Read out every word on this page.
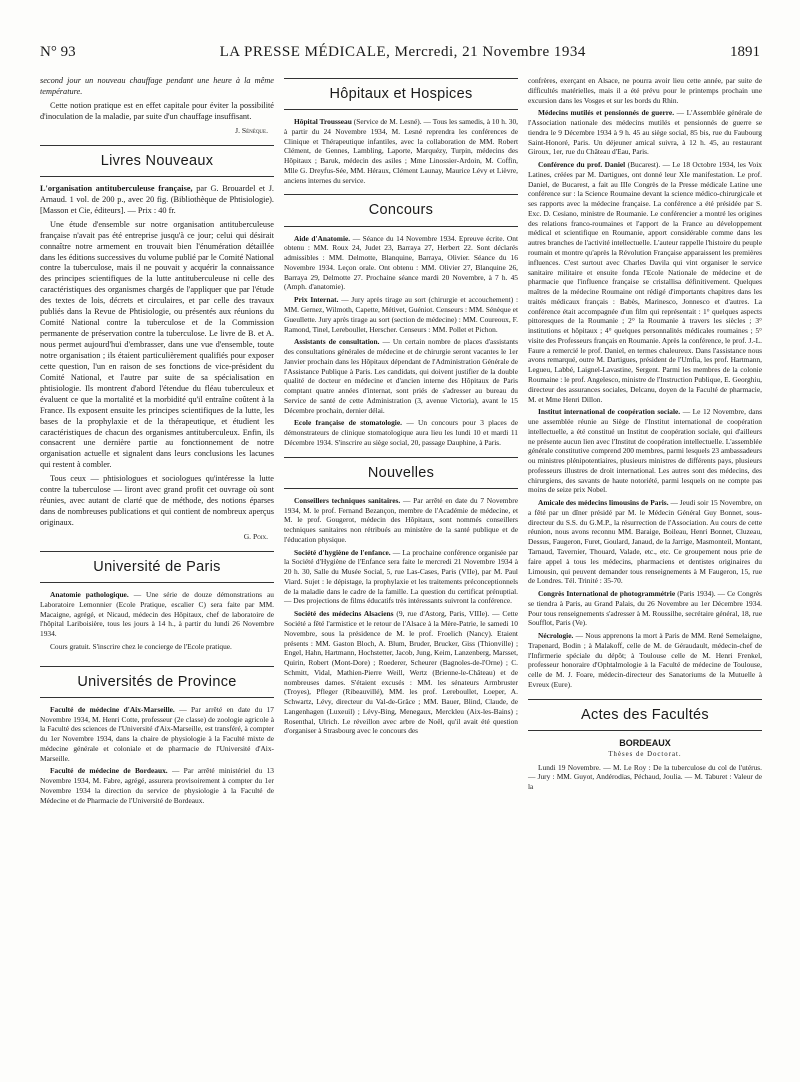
N° 93	LA PRESSE MÉDICALE, Mercredi, 21 Novembre 1934	1891

second jour un nouveau chauffage pendant une heure à la même température.

Cette notion pratique est en effet capitale pour éviter la possibilité d'inoculation de la maladie, par suite d'un chauffage insuffisant.

J. Sénèque.
Livres Nouveaux

L'organisation antituberculeuse française, par G. Brouardel et J. Arnaud. 1 vol. de 200 p., avec 20 fig. (Bibliothèque de Phtisiologie). [Masson et Cie, éditeurs]. — Prix : 40 fr.

Une étude d'ensemble sur notre organisation antituberculeuse française n'avait pas été entreprise jusqu'à ce jour; celui qui désirait connaître notre armement en trouvait bien l'énumération détaillée dans les éditions successives du volume publié par le Comité National contre la tuberculose, mais il ne pouvait y acquérir la connaissance des principes scientifiques de la lutte antituberculeuse ni celle des caractéristiques des organismes chargés de l'appliquer que par l'étude des textes de lois, décrets et circulaires, et par celle des travaux publiés dans la Revue de Phtisiologie, ou présentés aux réunions du Comité National contre la tuberculose et de la Commission permanente de préservation contre la tuberculose. Le livre de B. et A. nous permet aujourd'hui d'embrasser, dans une vue d'ensemble, toute notre organisation ; ils étaient particulièrement qualifiés pour exposer cette question, l'un en raison de ses fonctions de vice-président du Comité National, et l'autre par suite de sa spécialisation en phtisiologie. Ils montrent d'abord l'étendue du fléau tuberculeux et évaluent ce que la mortalité et la morbidité qu'il entraîne coûtent à la France. Ils exposent ensuite les principes scientifiques de la lutte, les bases de la prophylaxie et de la thérapeutique, et étudient les caractéristiques de chacun des organismes antituberculeux. Enfin, ils consacrent une dernière partie au fonctionnement de notre organisation actuelle et signalent dans leurs conclusions les lacunes qui restent à combler.

Tous ceux — phtisiologues et sociologues qu'intéresse la lutte contre la tuberculose — liront avec grand profit cet ouvrage où sont réunies, avec autant de clarté que de méthode, des notions éparses dans de nombreuses publications et qui contient de nombreux aperçus originaux.

G. Poix.
Université de Paris

Anatomie pathologique. — Une série de douze démonstrations au Laboratoire Lemonnier (Ecole Pratique, escalier C) sera faite par MM. Macaigne, agrégé, et Nicaud, médecin des Hôpitaux, chef de laboratoire de l'hôpital Lariboisière, tous les jours à 14 h., à partir du lundi 26 Novembre 1934.

Cours gratuit. S'inscrire chez le concierge de l'Ecole pratique.

Universités de Province

Faculté de médecine d'Aix-Marseille. — Par arrêté en date du 17 Novembre 1934, M. Henri Cotte, professeur (2e classe) de zoologie agricole à la Faculté des sciences de l'Université d'Aix-Marseille, est transféré, à compter du 1er Novembre 1934, dans la chaire de physiologie à la Faculté mixte de médecine générale et coloniale et de pharmacie de l'Université d'Aix-Marseille.

Faculté de médecine de Bordeaux. — Par arrêté ministériel du 13 Novembre 1934, M. Fabre, agrégé, assurera provisoirement à compter du 1er Novembre 1934 la direction du service de physiologie à la Faculté de Médecine et de Pharmacie de l'Université de Bordeaux.

Hôpitaux et Hospices

Hôpital Trousseau (Service de M. Lesné). — Tous les samedis, à 10 h. 30, à partir du 24 Novembre 1934, M. Lesné reprendra les conférences de Clinique et Thérapeutique infantiles, avec la collaboration de MM. Robert Clément, de Gennes, Lambling, Laporte, Marquézy, Turpin, médecins des Hôpitaux ; Baruk, médecin des asiles ; Mme Linossier-Ardoin, M. Coffin, Mlle G. Dreyfus-Sée, MM. Hérauх, Clément Launay, Maurice Lévy et Lièvre, anciens internes du service.

Concours

Aide d'Anatomie. — Séance du 14 Novembre 1934. Epreuve écrite. Ont obtenu : MM. Roux 24, Judet 23, Barraya 27, Herbert 22. Sont déclarés admissibles : MM. Delmotte, Blanquine, Barraya, Olivier. Séance du 16 Novembre 1934. Leçon orale. Ont obtenu : MM. Olivier 27, Blanquine 26, Barraya 29, Delmotte 27. Prochaine séance mardi 20 Novembre, à 7 h. 45 (Amph. d'anatomie).

Prix Internat. — Jury après tirage au sort (chirurgie et accouchement) : MM. Gernez, Wilmoth, Capette, Métivet, Guéniot. Censeurs : MM. Sénèque et Gueullette. Jury après tirage au sort (section de médecine) : MM. Coureoux, F. Ramond, Tinel, Lereboullet, Herscher. Censeurs : MM. Pollet et Pichon.

Assistants de consultation. — Un certain nombre de places d'assistants des consultations générales de médecine et de chirurgie seront vacantes le 1er Janvier prochain dans les Hôpitaux dépendant de l'Administration Générale de l'Assistance Publique à Paris. Les candidats, qui doivent justifier de la double qualité de docteur en médecine et d'ancien interne des Hôpitaux de Paris comptant quatre années d'internat, sont priés de s'adresser au bureau du Service de santé de cette Administration (3, avenue Victoria), avant le 15 Décembre prochain, dernier délai.

Ecole française de stomatologie. — Un concours pour 3 places de démonstrateurs de clinique stomatologique aura lieu les lundi 10 et mardi 11 Décembre 1934. S'inscrire au siège social, 20, passage Dauphine, à Paris.

Nouvelles

Conseillers techniques sanitaires. — Par arrêté en date du 7 Novembre 1934, M. le prof. Fernand Bezançon, membre de l'Académie de médecine, et M. le prof. Gougerot, médecin des Hôpitaux, sont nommés conseillers techniques sanitaires non rétribués au ministère de la santé publique et de l'éducation physique.

Société d'hygiène de l'enfance. — La prochaine conférence organisée par la Société d'Hygiène de l'Enfance sera faite le mercredi 21 Novembre 1934 à 20 h. 30, Salle du Musée Social, 5, rue Las-Cases, Paris (VIIe), par M. Paul Viard. Sujet : le dépistage, la prophylaxie et les traitements préconceptionnels de la maladie dans le cadre de la famille. La question du certificat prénuptial. — Des projections de films éducatifs très intéressants suivront la conférence.

Société des médecins Alsaciens (9, rue d'Astorg, Paris, VIIIe). — Cette Société a fêté l'armistice et le retour de l'Alsace à la Mère-Patrie, le samedi 10 Novembre, sous la présidence de M. le prof. Froelich (Nancy). Etaient présents : MM. Gaston Bloch, A. Blum, Bruder, Brucker, Giss (Thionville) ; Engel, Hahn, Hartmann, Hochstetter, Jacob, Jung, Keim, Lanzenberg, Marsset, Quirin, Robert (Mont-Dore) ; Roederer, Scheurer (Bagnoles-de-l'Orne) ; C. Schmitt, Vidal, Mathien-Pierre Weill, Wertz (Brienne-le-Château) et de nombreuses dames. S'étaient excusés : MM. les sénateurs Armbruster (Troyes), Pfleger (Ribeauvillé), MM. les prof. Lereboullet, Loeper, A. Schwartz, Lévy, directeur du Val-de-Grâce ; MM. Bauer, Blind, Claude, de Langenhagen (Luxeuil) ; Lévy-Bing, Menegaux, Merckleu (Aix-les-Bains) ; Rosenthal, Ulrich. Le réveillon avec arbre de Noël, qu'il avait été question d'organiser à Strasbourg avec le concours des

confrères, exerçant en Alsace, ne pourra avoir lieu cette année, par suite de difficultés matérielles, mais il a été prévu pour le printemps prochain une excursion dans les Vosges et sur les bords du Rhin.

Médecins mutilés et pensionnés de guerre. — L'Assemblée générale de l'Association nationale des médecins mutilés et pensionnés de guerre se tiendra le 9 Décembre 1934 à 9 h. 45 au siège social, 85 bis, rue du Faubourg Saint-Honoré, Paris. Un déjeuner amical suivra, à 12 h. 45, au restaurant Giroux, 1er, rue du Château d'Eau, Paris.

Conférence du prof. Daniel (Bucarest). — Le 18 Octobre 1934, les Voix Latines, créées par M. Dartigues, ont donné leur XIe manifestation. Le prof. Daniel, de Bucarest, a fait au IIIe Congrès de la Presse médicale Latine une conférence sur : la Science Roumaine devant la science médico-chirurgicale et ses rapports avec la médecine française. La conférence a été présidée par S. Exc. D. Cesiano, ministre de Roumanie. Le conférencier a montré les origines des relations franco-roumaines et l'apport de la France au développement médical et scientifique en Roumanie, apport considérable comme dans les autres branches de l'activité intellectuelle. L'auteur rappelle l'histoire du peuple roumain et montre qu'après la Révolution Française apparaissent les premières influences. C'est surtout avec Charles Davila qui vint organiser le service sanitaire militaire et ensuite fonda l'Ecole Nationale de médecine et de pharmacie que l'influence française se cristallisa définitivement. Quelques maîtres de la médecine Roumaine ont rédigé d'importants chapitres dans les traités médicaux français : Babès, Marinesco, Jonnesco et d'autres. La conférence était accompagnée d'un film qui représentait : 1° quelques aspects pittoresques de la Roumanie ; 2° la Roumanie à travers les siècles ; 3° institutions et hôpitaux ; 4° quelques personnalités médicales roumaines ; 5° visite des Professeurs français en Roumanie. Après la conférence, le prof. J.-L. Faure a remercié le prof. Daniel, en termes chaleureux. Dans l'assistance nous avons remarqué, outre M. Dartigues, président de l'Umfia, les prof. Hartmann, Legueu, Labbé, Laignel-Lavastine, Sergent. Parmi les membres de la colonie Roumaine : le prof. Angelesco, ministre de l'Instruction Publique, E. Georghiu, directeur des assurances sociales, Delcanu, doyen de la Faculté de pharmacie, M. et Mme Henri Dillon.

Institut international de coopération sociale. — Le 12 Novembre, dans une assemblée réunie au Siège de l'Institut international de coopération intellectuelle, a été constitué un Institut de coopération sociale, qui d'ailleurs ne présente aucun lien avec l'Institut de coopération intellectuelle. L'assemblée générale constitutive comprend 200 membres, parmi lesquels 23 ambassadeurs ou ministres plénipotentiaires, plusieurs ministres de différents pays, plusieurs professeurs illustres de droit international. Les autres sont des médecins, des chirurgiens, des savants de haute notoriété, parmi lesquels on ne compte pas moins de seize prix Nobel.

Amicale des médecins limousins de Paris. — Jeudi soir 15 Novembre, on a fêté par un dîner présidé par M. le Médecin Général Guy Bonnet, sous-directeur du S.S. du G.M.P., la résurrection de l'Association. Au cours de cette réunion, nous avons reconnu MM. Baraige, Boileau, Henri Bonnet, Cluzeau, Dessus, Faugeron, Furet, Goulard, Janaud, de la Jarrige, Masmonteil, Montant, Tarnaud, Tavernier, Thouard, Valade, etc., etc. Ce groupement nous prie de faire appel à tous les médecins, pharmaciens et dentistes originaires du Limousin, qui peuvent demander tous renseignements à M Faugeron, 15, rue de Londres. Tél. Trinité : 35-70.

Congrès International de photogrammétrie (Paris 1934). — Ce Congrès se tiendra à Paris, au Grand Palais, du 26 Novembre au 1er Décembre 1934. Pour tous renseignements s'adresser à M. Roussilhe, secrétaire général, 18, rue Soufflot, Paris (Ve).

Nécrologie. — Nous apprenons la mort à Paris de MM. René Semelaigne, Trapenard, Bodin ; à Malakoff, celle de M. de Géraudault, médecin-chef de l'Infirmerie spéciale du dépôt; à Toulouse celle de M. Henri Frenkel, professeur honoraire d'Ophtalmologie à la Faculté de médecine de Toulouse, celle de M. J. Foare, médecin-directeur des Sanatoriums de la Mutuelle à Evreux (Eure).

Actes des Facultés
BORDEAUX
Thèses de Doctorat.

Lundi 19 Novembre. — M. Le Roy : De la tuberculose du col de l'utérus. — Jury : MM. Guyot, Andérodias, Péchaud, Joulia. — M. Taburet : Valeur de la
